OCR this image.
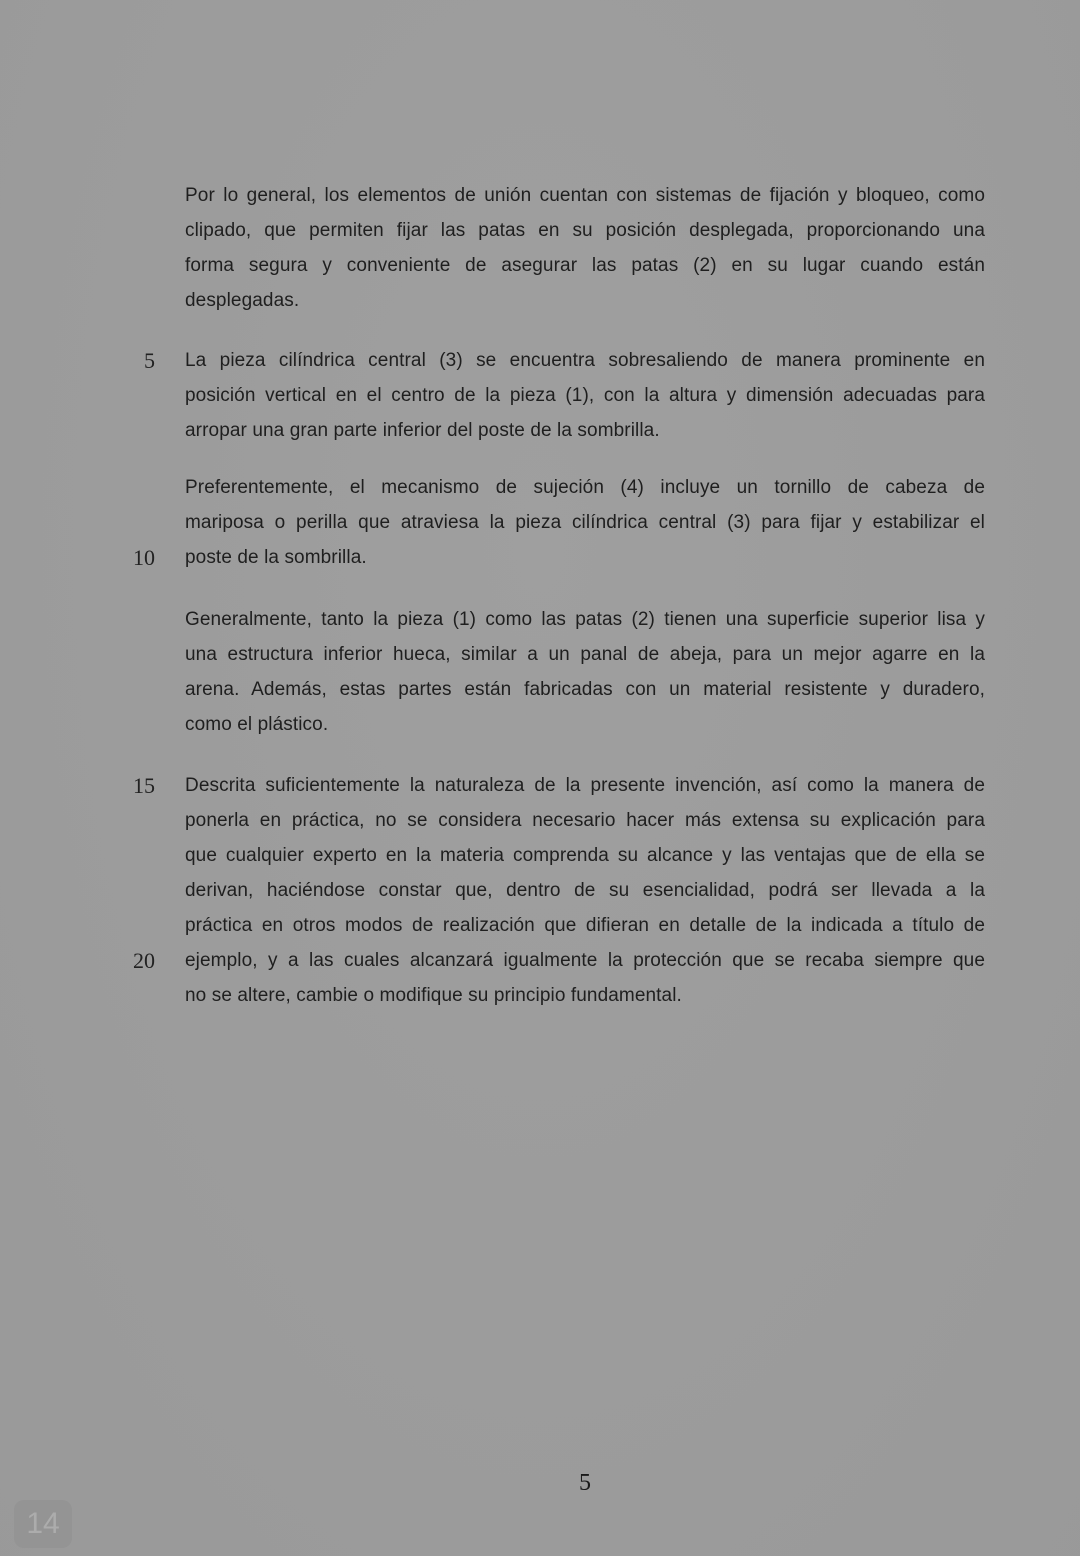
5
10
15
20
Por lo general, los elementos de unión cuentan con sistemas de fijación y bloqueo, como
clipado, que permiten fijar las patas en su posición desplegada, proporcionando una
forma segura y conveniente de asegurar las patas (2) en su lugar cuando están
desplegadas.
La pieza cilíndrica central (3) se encuentra sobresaliendo de manera prominente en
posición vertical en el centro de la pieza (1), con la altura y dimensión adecuadas para
arropar una gran parte inferior del poste de la sombrilla.
Preferentemente, el mecanismo de sujeción (4) incluye un tornillo de cabeza de
mariposa o perilla que atraviesa la pieza cilíndrica central (3) para fijar y estabilizar el
poste de la sombrilla.
Generalmente, tanto la pieza (1) como las patas (2) tienen una superficie superior lisa y
una estructura inferior hueca, similar a un panal de abeja, para un mejor agarre en la
arena. Además, estas partes están fabricadas con un material resistente y duradero,
como el plástico.
Descrita suficientemente la naturaleza de la presente invención, así como la manera de
ponerla en práctica, no se considera necesario hacer más extensa su explicación para
que cualquier experto en la materia comprenda su alcance y las ventajas que de ella se
derivan, haciéndose constar que, dentro de su esencialidad, podrá ser llevada a la
práctica en otros modos de realización que difieran en detalle de la indicada a título de
ejemplo, y a las cuales alcanzará igualmente la protección que se recaba siempre que
no se altere, cambie o modifique su principio fundamental.
5
14
